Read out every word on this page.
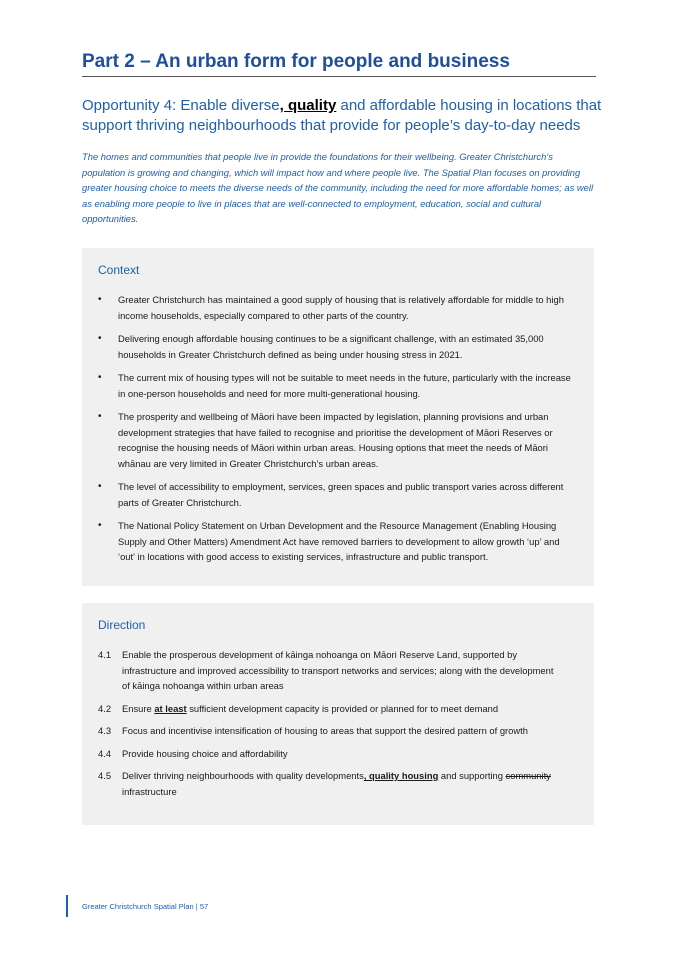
Part 2 – An urban form for people and business
Opportunity 4: Enable diverse, quality and affordable housing in locations that support thriving neighbourhoods that provide for people’s day-to-day needs
The homes and communities that people live in provide the foundations for their wellbeing. Greater Christchurch’s population is growing and changing, which will impact how and where people live. The Spatial Plan focuses on providing greater housing choice to meets the diverse needs of the community, including the need for more affordable homes; as well as enabling more people to live in places that are well-connected to employment, education, social and cultural opportunities.
Context
• Greater Christchurch has maintained a good supply of housing that is relatively affordable for middle to high income households, especially compared to other parts of the country.
• Delivering enough affordable housing continues to be a significant challenge, with an estimated 35,000 households in Greater Christchurch defined as being under housing stress in 2021.
• The current mix of housing types will not be suitable to meet needs in the future, particularly with the increase in one-person households and need for more multi-generational housing.
• The prosperity and wellbeing of Māori have been impacted by legislation, planning provisions and urban development strategies that have failed to recognise and prioritise the development of Māori Reserves or recognise the housing needs of Māori within urban areas. Housing options that meet the needs of Māori whānau are very limited in Greater Christchurch’s urban areas.
• The level of accessibility to employment, services, green spaces and public transport varies across different parts of Greater Christchurch.
• The National Policy Statement on Urban Development and the Resource Management (Enabling Housing Supply and Other Matters) Amendment Act have removed barriers to development to allow growth ‘up’ and ‘out' in locations with good access to existing services, infrastructure and public transport.
Direction
4.1 Enable the prosperous development of kāinga nohoanga on Māori Reserve Land, supported by infrastructure and improved accessibility to transport networks and services; along with the development of kāinga nohoanga within urban areas
4.2 Ensure at least sufficient development capacity is provided or planned for to meet demand
4.3 Focus and incentivise intensification of housing to areas that support the desired pattern of growth
4.4 Provide housing choice and affordability
4.5 Deliver thriving neighbourhoods with quality developments, quality housing and supporting community infrastructure
Greater Christchurch Spatial Plan | 57
